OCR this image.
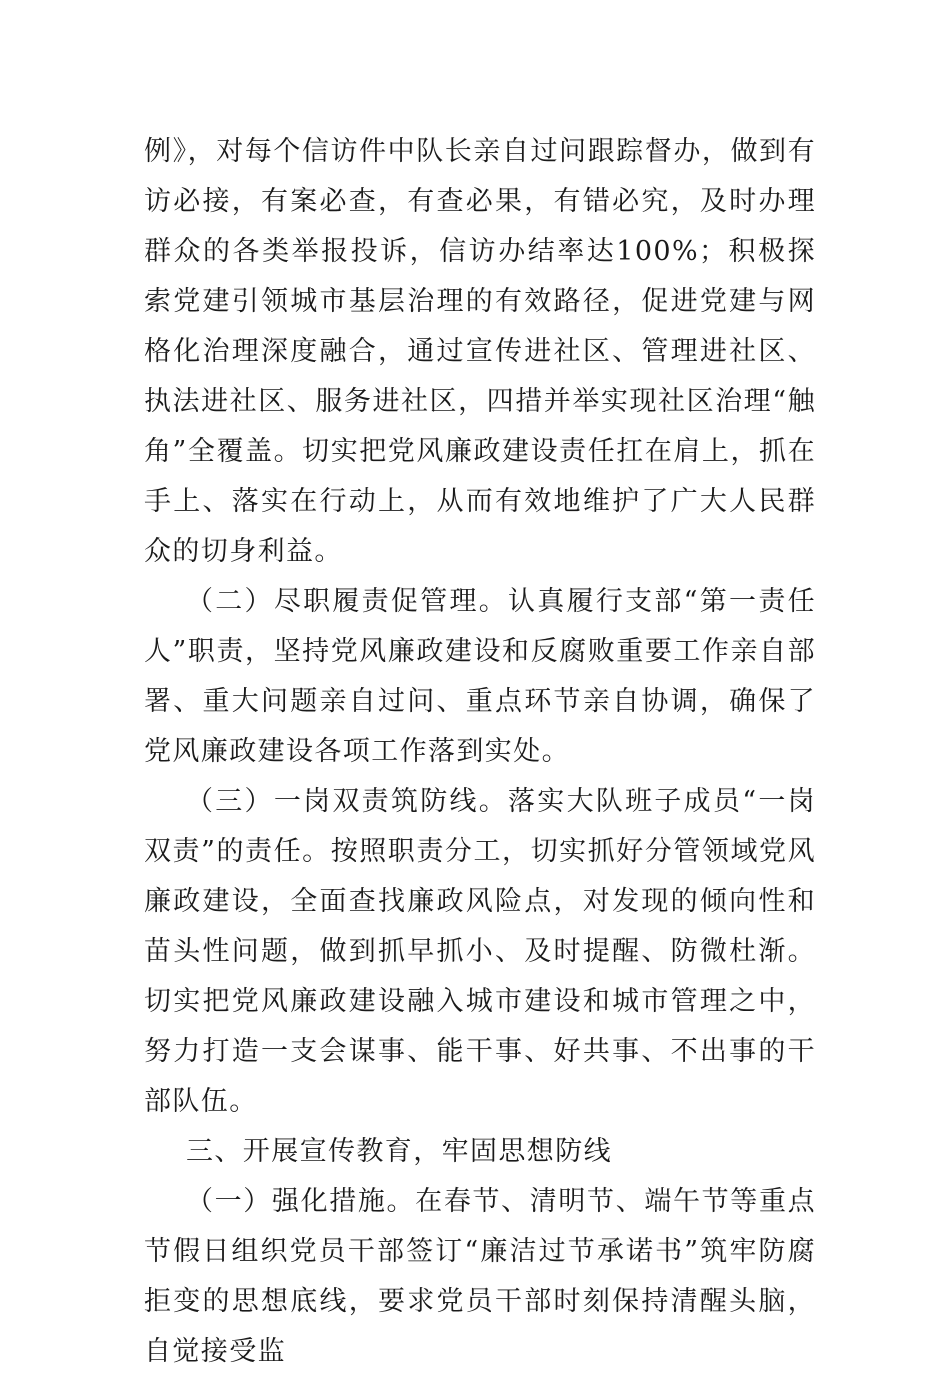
例》，对每个信访件中队长亲自过问跟踪督办，做到有访必接，有案必查，有查必果，有错必究，及时办理群众的各类举报投诉，信访办结率达100%；积极探索党建引领城市基层治理的有效路径，促进党建与网格化治理深度融合，通过宣传进社区、管理进社区、执法进社区、服务进社区，四措并举实现社区治理“触角”全覆盖。切实把党风廉政建设责任扛在肩上，抓在手上、落实在行动上，从而有效地维护了广大人民群众的切身利益。

（二）尽职履责促管理。认真履行支部“第一责任人”职责，坚持党风廉政建设和反腐败重要工作亲自部署、重大问题亲自过问、重点环节亲自协调，确保了党风廉政建设各项工作落到实处。

（三）一岗双责筑防线。落实大队班子成员“一岗双责”的责任。按照职责分工，切实抓好分管领域党风廉政建设，全面查找廉政风险点，对发现的倾向性和苗头性问题，做到抓早抓小、及时提醒、防微杜渐。切实把党风廉政建设融入城市建设和城市管理之中，努力打造一支会谋事、能干事、好共事、不出事的干部队伍。

三、开展宣传教育，牢固思想防线

（一）强化措施。在春节、清明节、端午节等重点节假日组织党员干部签订“廉洁过节承诺书”筑牢防腐拒变的思想底线，要求党员干部时刻保持清醒头脑，自觉接受监
